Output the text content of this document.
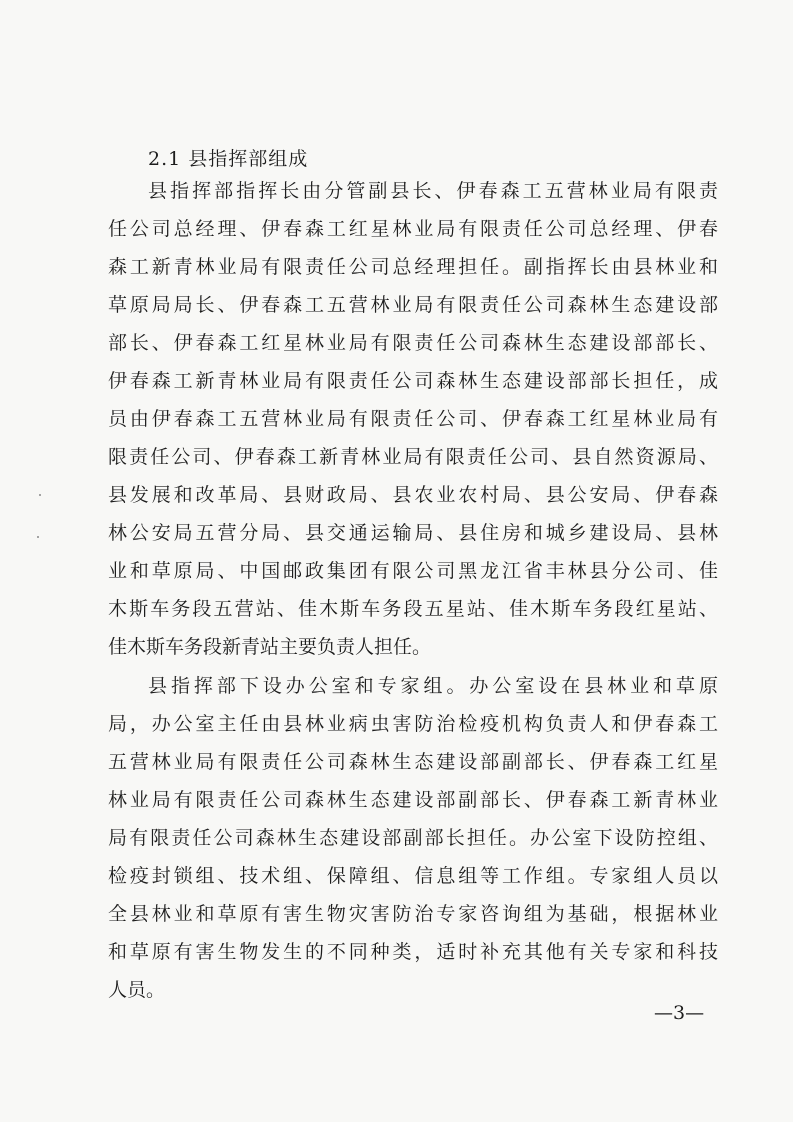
2.1 县指挥部组成
县指挥部指挥长由分管副县长、伊春森工五营林业局有限责
任公司总经理、伊春森工红星林业局有限责任公司总经理、伊春
森工新青林业局有限责任公司总经理担任。副指挥长由县林业和
草原局局长、伊春森工五营林业局有限责任公司森林生态建设部
部长、伊春森工红星林业局有限责任公司森林生态建设部部长、
伊春森工新青林业局有限责任公司森林生态建设部部长担任，成
员由伊春森工五营林业局有限责任公司、伊春森工红星林业局有
限责任公司、伊春森工新青林业局有限责任公司、县自然资源局、
县发展和改革局、县财政局、县农业农村局、县公安局、伊春森
林公安局五营分局、县交通运输局、县住房和城乡建设局、县林
业和草原局、中国邮政集团有限公司黑龙江省丰林县分公司、佳
木斯车务段五营站、佳木斯车务段五星站、佳木斯车务段红星站、
佳木斯车务段新青站主要负责人担任。
县指挥部下设办公室和专家组。办公室设在县林业和草原
局，办公室主任由县林业病虫害防治检疫机构负责人和伊春森工
五营林业局有限责任公司森林生态建设部副部长、伊春森工红星
林业局有限责任公司森林生态建设部副部长、伊春森工新青林业
局有限责任公司森林生态建设部副部长担任。办公室下设防控组、
检疫封锁组、技术组、保障组、信息组等工作组。专家组人员以
全县林业和草原有害生物灾害防治专家咨询组为基础，根据林业
和草原有害生物发生的不同种类，适时补充其他有关专家和科技
人员。
—3—
